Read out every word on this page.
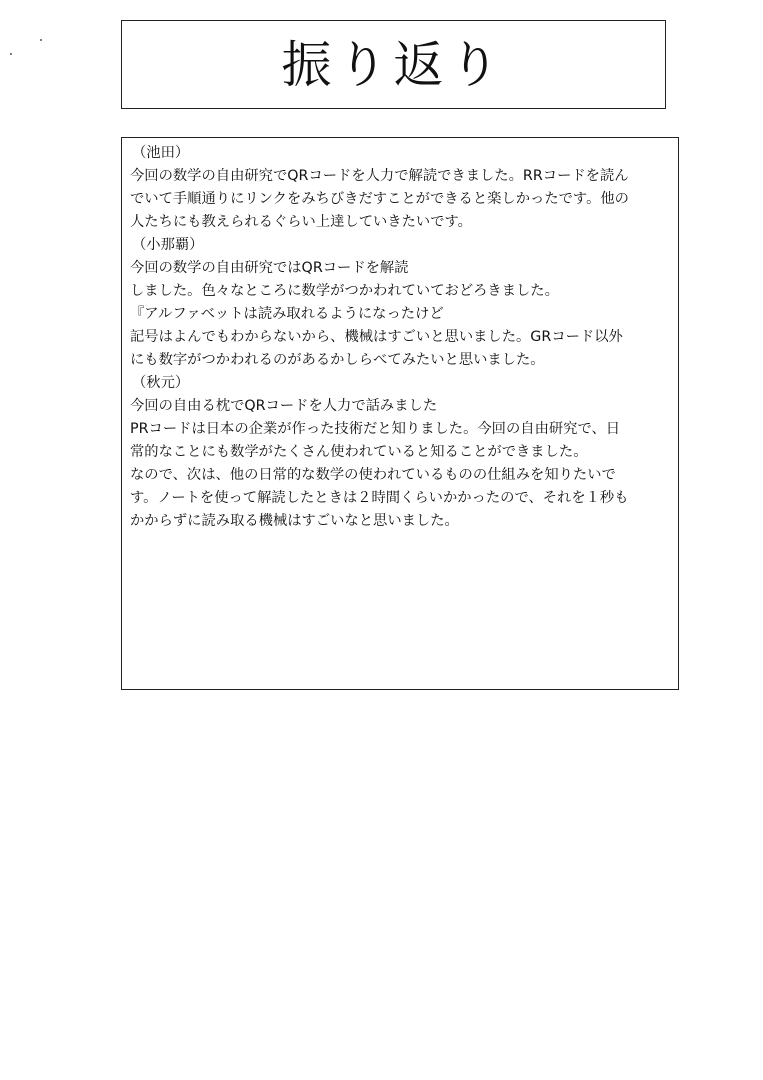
振り返り
（池田）
今回の数学の自由研究でQRコードを人力で解読できました。RRコードを読ん
でいて手順通りにリンクをみちびきだすことができると楽しかったです。他の
人たちにも教えられるぐらい上達していきたいです。
（小那覇）
今回の数学の自由研究ではQRコードを解読
しました。色々なところに数学がつかわれていておどろきました。
『アルファベットは読み取れるようになったけど
記号はよんでもわからないから、機械はすごいと思いました。GRコード以外
にも数字がつかわれるのがあるかしらべてみたいと思いました。
（秋元）
今回の自由る枕でQRコードを人力で話みました
PRコードは日本の企業が作った技術だと知りました。今回の自由研究で、日
常的なことにも数学がたくさん使われていると知ることができました。
なので、次は、他の日常的な数学の使われているものの仕組みを知りたいで
す。ノートを使って解読したときは２時間くらいかかったので、それを１秒も
かからずに読み取る機械はすごいなと思いました。
